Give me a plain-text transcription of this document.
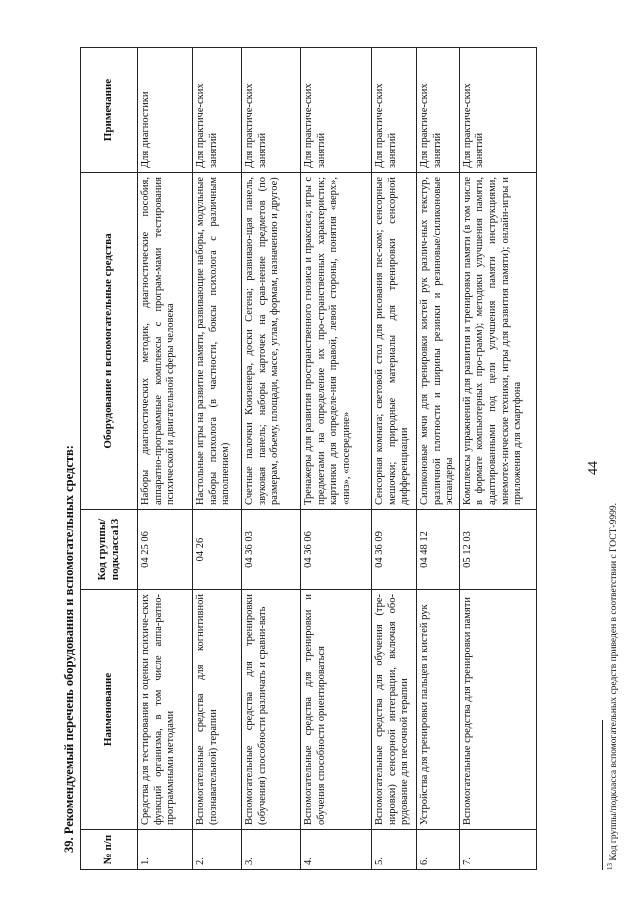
44
39. Рекомендуемый перечень оборудования и вспомогательных средств: № п/п	Наименование	Код группы/ подкласса13	Оборудование и вспомогательные средства	Примечание
1.	Средства для тестирования и оценки психиче-ских функций организма, в том числе аппа-ратно-программными методами	04 25 06	Наборы диагностических методик, диагностические пособия, аппаратно-программные комплексы с програм-мами тестирования психической и двигательной сферы человека	Для диагностики
2.	Вспомогательные средства для когнитивной (познавательной) терапии	04 26	Настольные игры на развитие памяти, развивающие наборы, модульные наборы психолога (в частности, боксы психолога с различным наполнением)	Для практиче-ских занятий
3.	Вспомогательные средства для тренировки (обучения) способности различать и сравни-вать	04 36 03	Счетные палочки Кюизенера, доски Сегена; развиваю-щая панель, звуковая панель; наборы карточек на срав-нение предметов (по размерам, объему, площади, массе, углам, формам, назначению и другое)	Для практиче-ских занятий
4.	Вспомогательные средства для тренировки и обучения способности ориентироваться	04 36 06	Тренажеры для развития пространственного гнозиса и праксиса; игры с предметами на определение их про-странственных характеристик; картинки для определе-ния правой, левой стороны, понятия «верх», «низ», «посередине»	Для практиче-ских занятий
5.	Вспомогательные средства для обучения (тре-нировки) сенсорной интеграции, включая обо-рудование для песочной терапии	04 36 09	Сенсорная комната; световой стол для рисования пес-ком; сенсорные мешочки; природные материалы для тренировки сенсорной дифференциации	Для практиче-ских занятий
6.	Устройства для тренировки пальцев и кистей рук	04 48 12	Силиконовые мячи для тренировки кистей рук различ-ных текстур, различной плотности и ширины резинки и резиновые/силиконовые эспандеры	Для практиче-ских занятий
7.	Вспомогательные средства для тренировки памяти	05 12 03	Комплексы упражнений для развития и тренировки памяти (в том числе в формате компьютерных про-грамм); методики улучшения памяти, адаптированными под цели улучшения памяти инструкциями, мнемотех-нические техники, игры для развития памяти); онлайн-игры и приложения для смартфона	Для практиче-ских занятий
$^{13}$ Код группы/подкласса вспомогательных средств приведен в соответствии с ГОСТ-9999.
